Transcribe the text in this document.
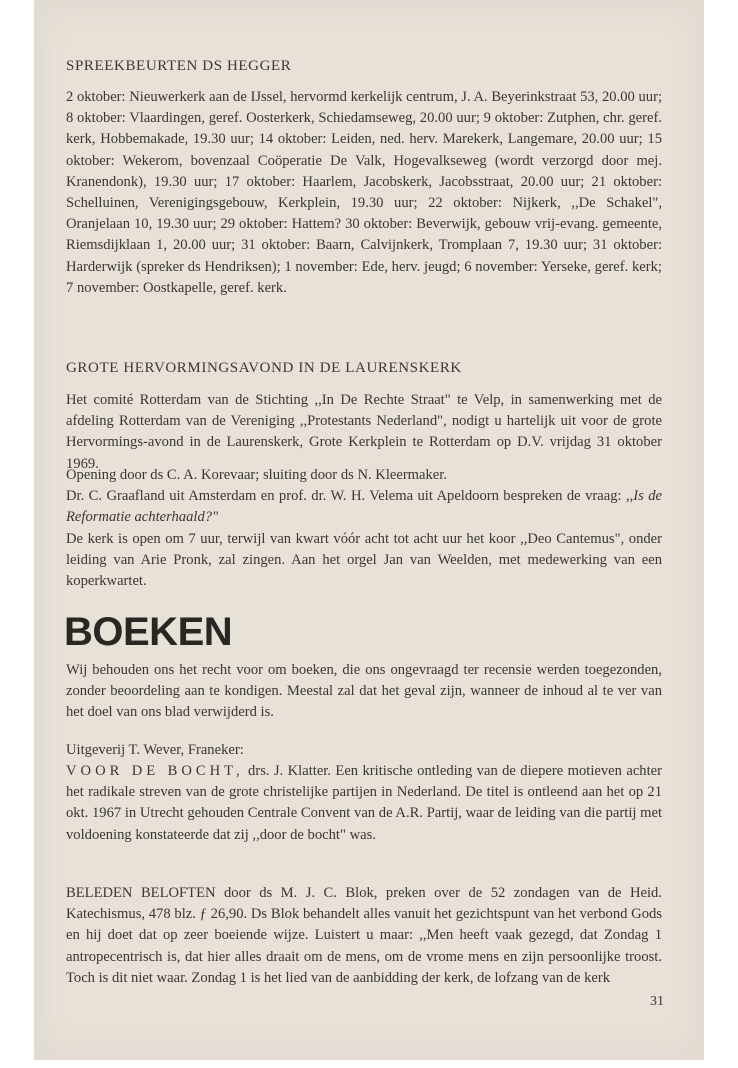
SPREEKBEURTEN DS HEGGER
2 oktober: Nieuwerkerk aan de IJssel, hervormd kerkelijk centrum, J. A. Beyerinkstraat 53, 20.00 uur; 8 oktober: Vlaardingen, geref. Oosterkerk, Schiedamseweg, 20.00 uur; 9 oktober: Zutphen, chr. geref. kerk, Hobbemakade, 19.30 uur; 14 oktober: Leiden, ned. herv. Marekerk, Langemare, 20.00 uur; 15 oktober: Wekerom, bovenzaal Coöperatie De Valk, Hogevalkseweg (wordt verzorgd door mej. Kranendonk), 19.30 uur; 17 oktober: Haarlem, Jacobskerk, Jacobsstraat, 20.00 uur; 21 oktober: Schelluinen, Verenigingsgebouw, Kerkplein, 19.30 uur; 22 oktober: Nijkerk, ,,De Schakel", Oranjelaan 10, 19.30 uur; 29 oktober: Hattem? 30 oktober: Beverwijk, gebouw vrij-evang. gemeente, Riemsdijklaan 1, 20.00 uur; 31 oktober: Baarn, Calvijnkerk, Tromplaan 7, 19.30 uur; 31 oktober: Harderwijk (spreker ds Hendriksen); 1 november: Ede, herv. jeugd; 6 november: Yerseke, geref. kerk; 7 november: Oostkapelle, geref. kerk.
GROTE HERVORMINGSAVOND IN DE LAURENSKERK
Het comité Rotterdam van de Stichting ,,In De Rechte Straat" te Velp, in samenwerking met de afdeling Rotterdam van de Vereniging ,,Protestants Nederland", nodigt u hartelijk uit voor de grote Hervormings-avond in de Laurenskerk, Grote Kerkplein te Rotterdam op D.V. vrijdag 31 oktober 1969.
Opening door ds C. A. Korevaar; sluiting door ds N. Kleermaker.
Dr. C. Graafland uit Amsterdam en prof. dr. W. H. Velema uit Apeldoorn bespreken de vraag: ,,Is de Reformatie achterhaald?"
De kerk is open om 7 uur, terwijl van kwart vóór acht tot acht uur het koor ,,Deo Cantemus", onder leiding van Arie Pronk, zal zingen. Aan het orgel Jan van Weelden, met medewerking van een koperkwartet.
BOEKEN
Wij behouden ons het recht voor om boeken, die ons ongevraagd ter recensie werden toegezonden, zonder beoordeling aan te kondigen. Meestal zal dat het geval zijn, wanneer de inhoud al te ver van het doel van ons blad verwijderd is.
Uitgeverij T. Wever, Franeker:
VOOR DE BOCHT, drs. J. Klatter. Een kritische ontleding van de diepere motieven achter het radikale streven van de grote christelijke partijen in Nederland. De titel is ontleend aan het op 21 okt. 1967 in Utrecht gehouden Centrale Convent van de A.R. Partij, waar de leiding van die partij met voldoening konstateerde dat zij ,,door de bocht" was.
BELEDEN BELOFTEN door ds M. J. C. Blok, preken over de 52 zondagen van de Heid. Katechismus, 478 blz. ƒ 26,90. Ds Blok behandelt alles vanuit het gezichtspunt van het verbond Gods en hij doet dat op zeer boeiende wijze. Luistert u maar: ,,Men heeft vaak gezegd, dat Zondag 1 antropecentrisch is, dat hier alles draait om de mens, om de vrome mens en zijn persoonlijke troost. Toch is dit niet waar. Zondag 1 is het lied van de aanbidding der kerk, de lofzang van de kerk
31
